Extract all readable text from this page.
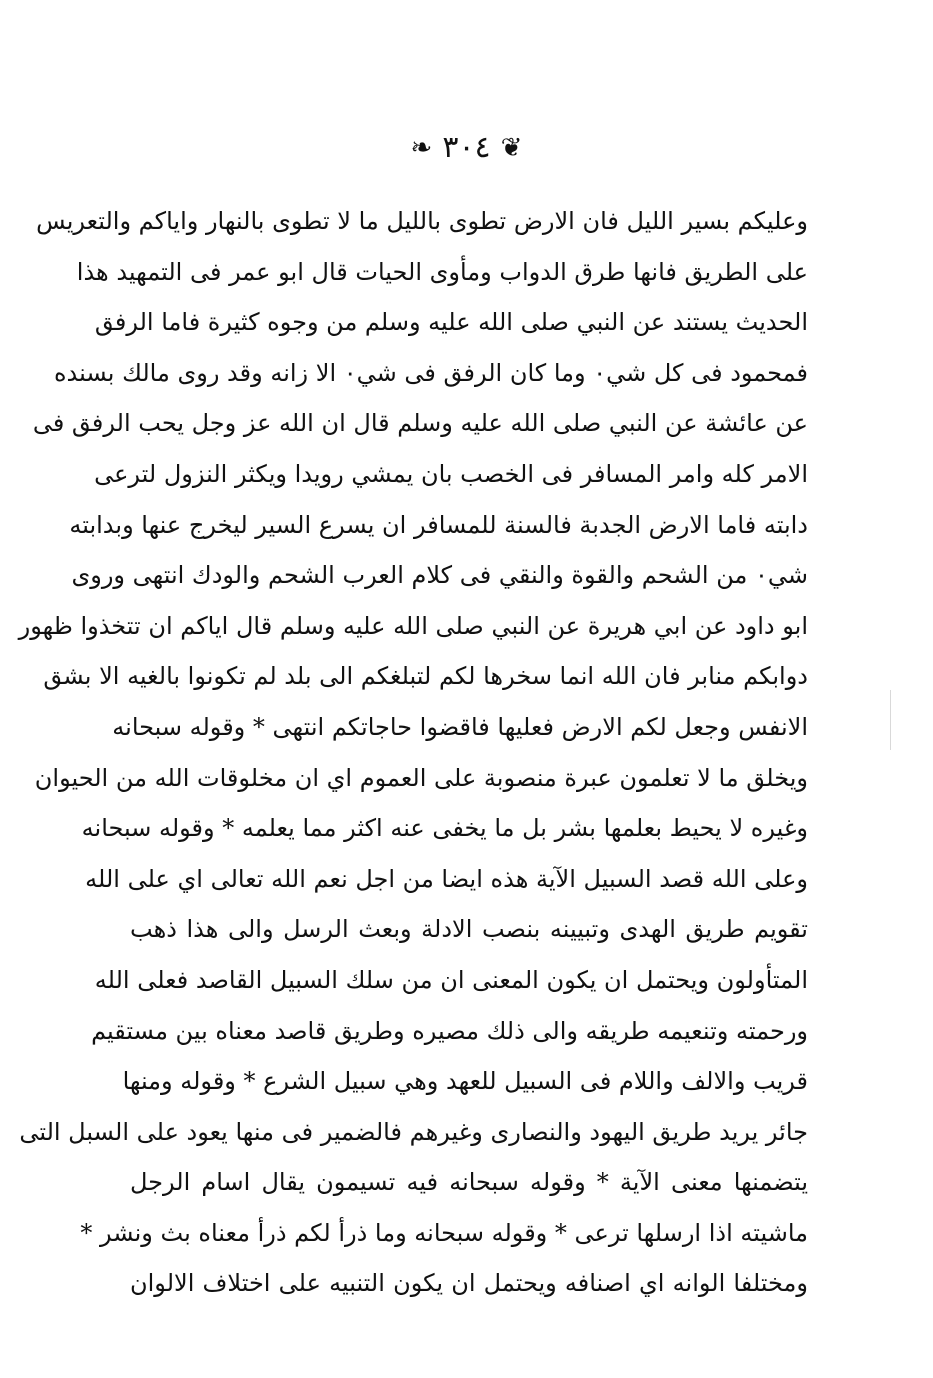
❦
٣٠٤
❧
وعليكم بسير الليل فان الارض تطوى بالليل ما لا تطوى بالنهار واياكم والتعريس
على الطريق فانها طرق الدواب ومأوى الحيات قال ابو عمر فى التمهيد هذا
الحديث يستند عن النبي صلى الله عليه وسلم من وجوه كثيرة فاما الرفق
فمحمود فى كل شي٠ وما كان الرفق فى شي٠ الا زانه وقد روى مالك بسنده
عن عائشة عن النبي صلى الله عليه وسلم قال ان الله عز وجل يحب الرفق فى
الامر كله وامر المسافر فى الخصب بان يمشي رويدا ويكثر النزول لترعى
دابته فاما الارض الجدبة فالسنة للمسافر ان يسرع السير ليخرج عنها وبدابته
شي٠ من الشحم والقوة والنقي فى كلام العرب الشحم والودك انتهى وروى
ابو داود عن ابي هريرة عن النبي صلى الله عليه وسلم قال اياكم ان تتخذوا ظهور
دوابكم منابر فان الله انما سخرها لكم لتبلغكم الى بلد لم تكونوا بالغيه الا بشق
الانفس وجعل لكم الارض فعليها فاقضوا حاجاتكم انتهى * وقوله سبحانه
ويخلق ما لا تعلمون عبرة منصوبة على العموم اي ان مخلوقات الله من الحيوان
وغيره لا يحيط بعلمها بشر بل ما يخفى عنه اكثر مما يعلمه * وقوله سبحانه
وعلى الله قصد السبيل الآية هذه ايضا من اجل نعم الله تعالى اي على الله
تقويم طريق الهدى وتبيينه بنصب الادلة وبعث الرسل والى هذا ذهب
المتأولون ويحتمل ان يكون المعنى ان من سلك السبيل القاصد فعلى الله
ورحمته وتنعيمه طريقه والى ذلك مصيره وطريق قاصد معناه بين مستقيم
قريب والالف واللام فى السبيل للعهد وهي سبيل الشرع * وقوله ومنها
جائر يريد طريق اليهود والنصارى وغيرهم فالضمير فى منها يعود على السبل التى
يتضمنها معنى الآية * وقوله سبحانه فيه تسيمون يقال اسام الرجل
ماشيته اذا ارسلها ترعى * وقوله سبحانه وما ذرأ لكم ذرأ معناه بث ونشر *
ومختلفا الوانه اي اصنافه ويحتمل ان يكون التنبيه على اختلاف الالوان
